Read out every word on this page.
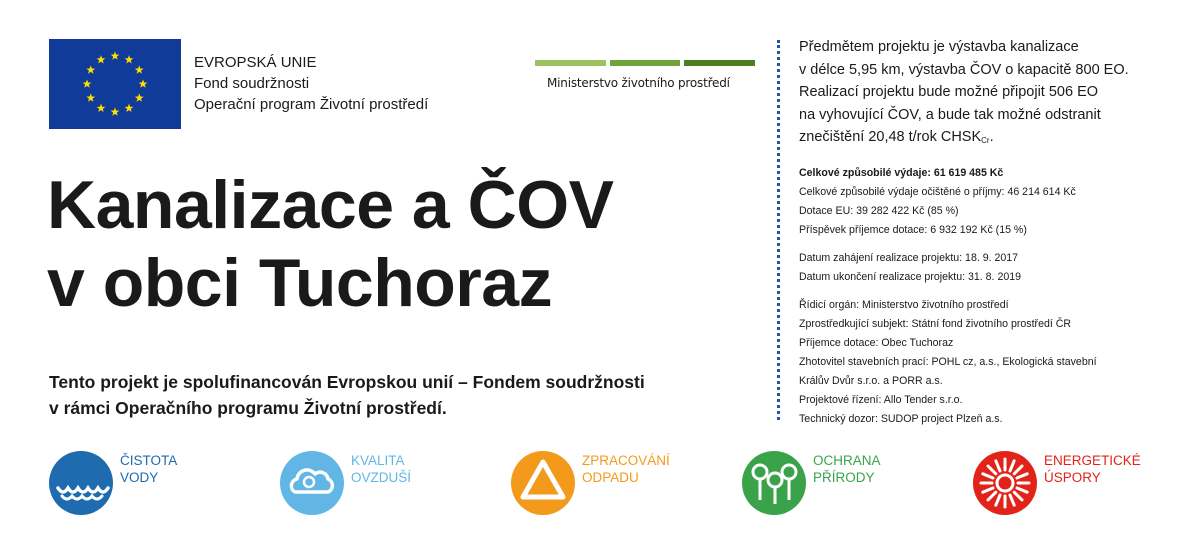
EVROPSKÁ UNIE
Fond soudržnosti
Operační program Životní prostředí
Ministerstvo životního prostředí
Kanalizace a ČOV
v obci Tuchoraz
Tento projekt je spolufinancován Evropskou unií – Fondem soudržnosti
v rámci Operačního programu Životní prostředí.
Předmětem projektu je výstavba kanalizace
v délce 5,95 km, výstavba ČOV o kapacitě 800 EO.
Realizací projektu bude možné připojit 506 EO
na vyhovující ČOV, a bude tak možné odstranit
znečištění 20,48 t/rok $CHSK_{Cr}$.
Celkové způsobilé výdaje: 61 619 485 Kč
Celkové způsobilé výdaje očištěné o příjmy: 46 214 614 Kč
Dotace EU: 39 282 422 Kč (85 %)
Příspěvek příjemce dotace: 6 932 192 Kč (15 %)
Datum zahájení realizace projektu: 18. 9. 2017
Datum ukončení realizace projektu: 31. 8. 2019
Řídicí orgán: Ministerstvo životního prostředí
Zprostředkující subjekt: Státní fond životního prostředí ČR
Příjemce dotace: Obec Tuchoraz
Zhotovitel stavebních prací: POHL cz, a.s., Ekologická stavební
Králův Dvůr s.r.o. a PORR a.s.
Projektové řízení: Allo Tender s.r.o.
Technický dozor: SUDOP project Plzeň a.s.
ČISTOTA
VODY
KVALITA
OVZDUŠÍ
ZPRACOVÁNÍ
ODPADU
OCHRANA
PŘÍRODY
ENERGETICKÉ
ÚSPORY
